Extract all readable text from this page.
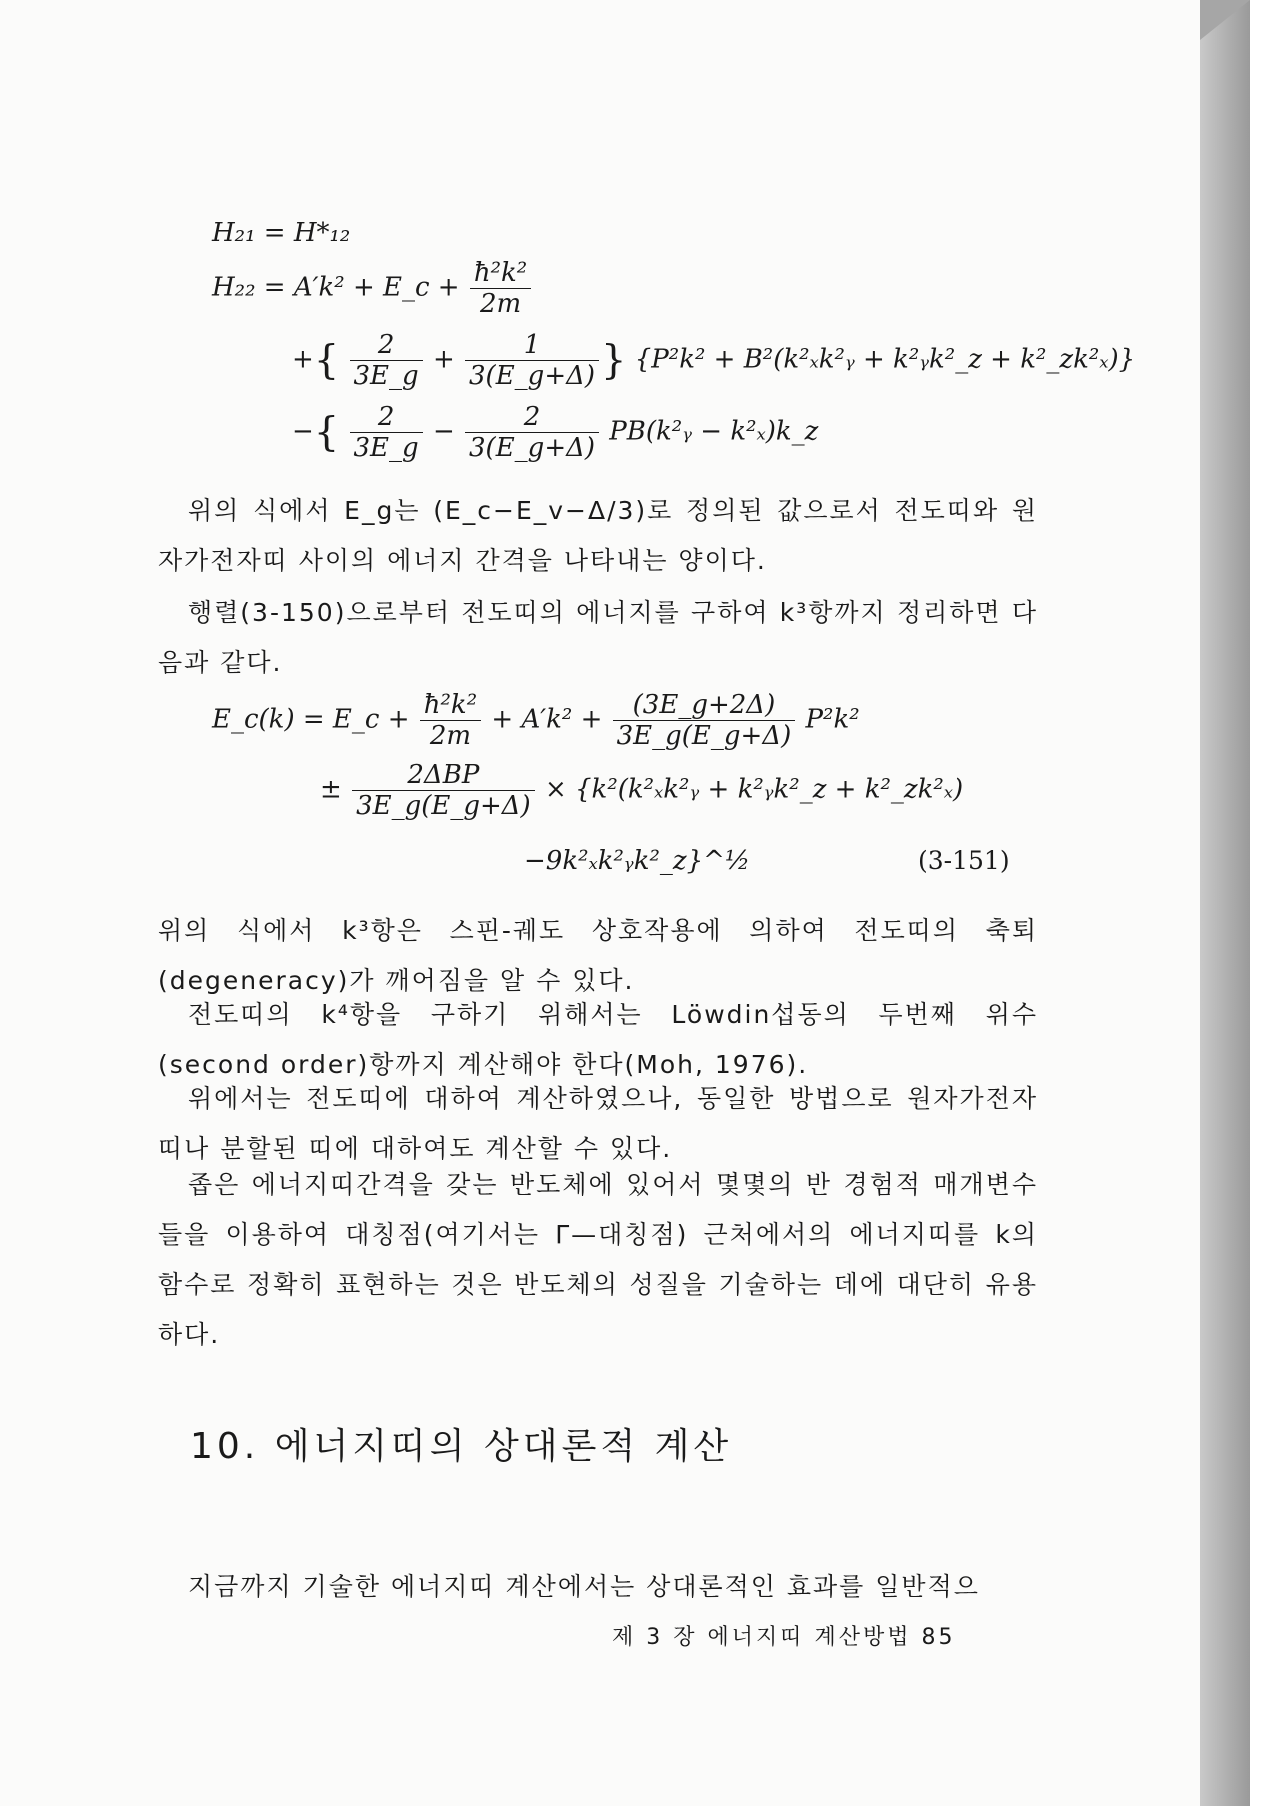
H₂₁ = H*₁₂
H₂₂ = A′k² + E_c + $\frac{\text{ħ²k²}}{2m}$
+{ $\frac{2}{3E\_g} + \frac{1}{3(E\_g+\Delta)}$ } {P²k² + B²(k²ₓk²ᵧ + k²ᵧk²_z + k²_zk²ₓ)}
−{ $\frac{2}{3E\_g} - \frac{2}{3(E\_g+\Delta)}$ PB(k²ᵧ − k²ₓ)k_z
위의 식에서 E_g는 (E_c−E_v−Δ/3)로 정의된 값으로서 전도띠와 원자가전자띠 사이의 에너지 간격을 나타내는 양이다.
행렬(3-150)으로부터 전도띠의 에너지를 구하여 k³항까지 정리하면 다음과 같다.
E_c(k) = E_c + $\frac{\text{ħ²k²}}{2m} + A'k^2 + \frac{(3E\_g+2\Delta)}{3E\_g(E\_g+\Delta)} P^2k^2$
± $\frac{\text{2ΔBP}}{3E\_g(E\_g+\Delta)}$ × {k²(k²ₓk²ᵧ + k²ᵧk²_z + k²_zk²ₓ)
−9k²ₓk²ᵧk²_z}^½	(3-151)
위의 식에서 k³항은 스핀-궤도 상호작용에 의하여 전도띠의 축퇴(degeneracy)가 깨어짐을 알 수 있다.
전도띠의 k⁴항을 구하기 위해서는 Löwdin섭동의 두번째 위수(second order)항까지 계산해야 한다(Moh, 1976).
위에서는 전도띠에 대하여 계산하였으나, 동일한 방법으로 원자가전자띠나 분할된 띠에 대하여도 계산할 수 있다.
좁은 에너지띠간격을 갖는 반도체에 있어서 몇몇의 반 경험적 매개변수들을 이용하여 대칭점(여기서는 Γ—대칭점) 근처에서의 에너지띠를 k의 함수로 정확히 표현하는 것은 반도체의 성질을 기술하는 데에 대단히 유용하다.
10. 에너지띠의 상대론적 계산
지금까지 기술한 에너지띠 계산에서는 상대론적인 효과를 일반적으
제 3 장 에너지띠 계산방법 85
